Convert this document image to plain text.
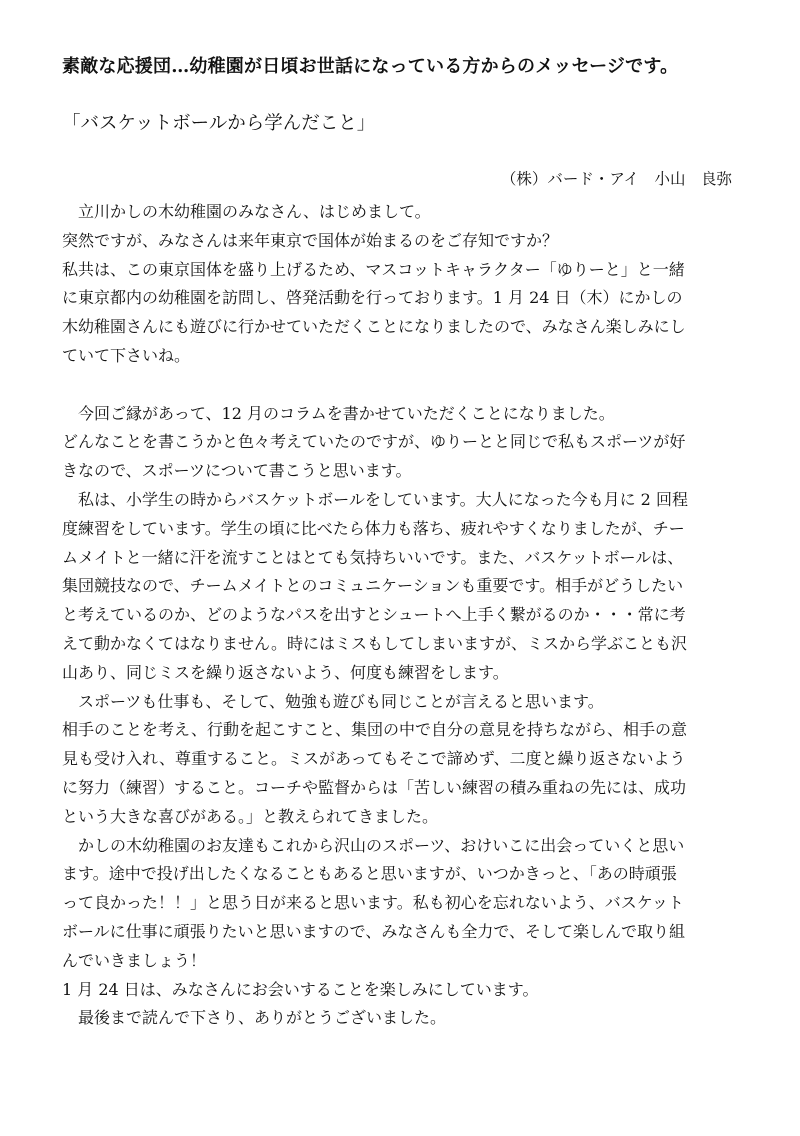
素敵な応援団…幼稚園が日頃お世話になっている方からのメッセージです。
「バスケットボールから学んだこと」
（株）バード・アイ　小山　良弥
立川かしの木幼稚園のみなさん、はじめまして。
突然ですが、みなさんは来年東京で国体が始まるのをご存知ですか？
私共は、この東京国体を盛り上げるため、マスコットキャラクター「ゆりーと」と一緒
に東京都内の幼稚園を訪問し、啓発活動を行っております。1 月 24 日（木）にかしの
木幼稚園さんにも遊びに行かせていただくことになりましたので、みなさん楽しみにし
ていて下さいね。
今回ご縁があって、12 月のコラムを書かせていただくことになりました。
どんなことを書こうかと色々考えていたのですが、ゆりーとと同じで私もスポーツが好
きなので、スポーツについて書こうと思います。
私は、小学生の時からバスケットボールをしています。大人になった今も月に 2 回程
度練習をしています。学生の頃に比べたら体力も落ち、疲れやすくなりましたが、チー
ムメイトと一緒に汗を流すことはとても気持ちいいです。また、バスケットボールは、
集団競技なので、チームメイトとのコミュニケーションも重要です。相手がどうしたい
と考えているのか、どのようなパスを出すとシュートへ上手く繋がるのか・・・常に考
えて動かなくてはなりません。時にはミスもしてしまいますが、ミスから学ぶことも沢
山あり、同じミスを繰り返さないよう、何度も練習をします。
スポーツも仕事も、そして、勉強も遊びも同じことが言えると思います。
相手のことを考え、行動を起こすこと、集団の中で自分の意見を持ちながら、相手の意
見も受け入れ、尊重すること。ミスがあってもそこで諦めず、二度と繰り返さないよう
に努力（練習）すること。コーチや監督からは「苦しい練習の積み重ねの先には、成功
という大きな喜びがある。」と教えられてきました。
かしの木幼稚園のお友達もこれから沢山のスポーツ、おけいこに出会っていくと思い
ます。途中で投げ出したくなることもあると思いますが、いつかきっと、「あの時頑張
って良かった！！」と思う日が来ると思います。私も初心を忘れないよう、バスケット
ボールに仕事に頑張りたいと思いますので、みなさんも全力で、そして楽しんで取り組
んでいきましょう！
1 月 24 日は、みなさんにお会いすることを楽しみにしています。
最後まで読んで下さり、ありがとうございました。
